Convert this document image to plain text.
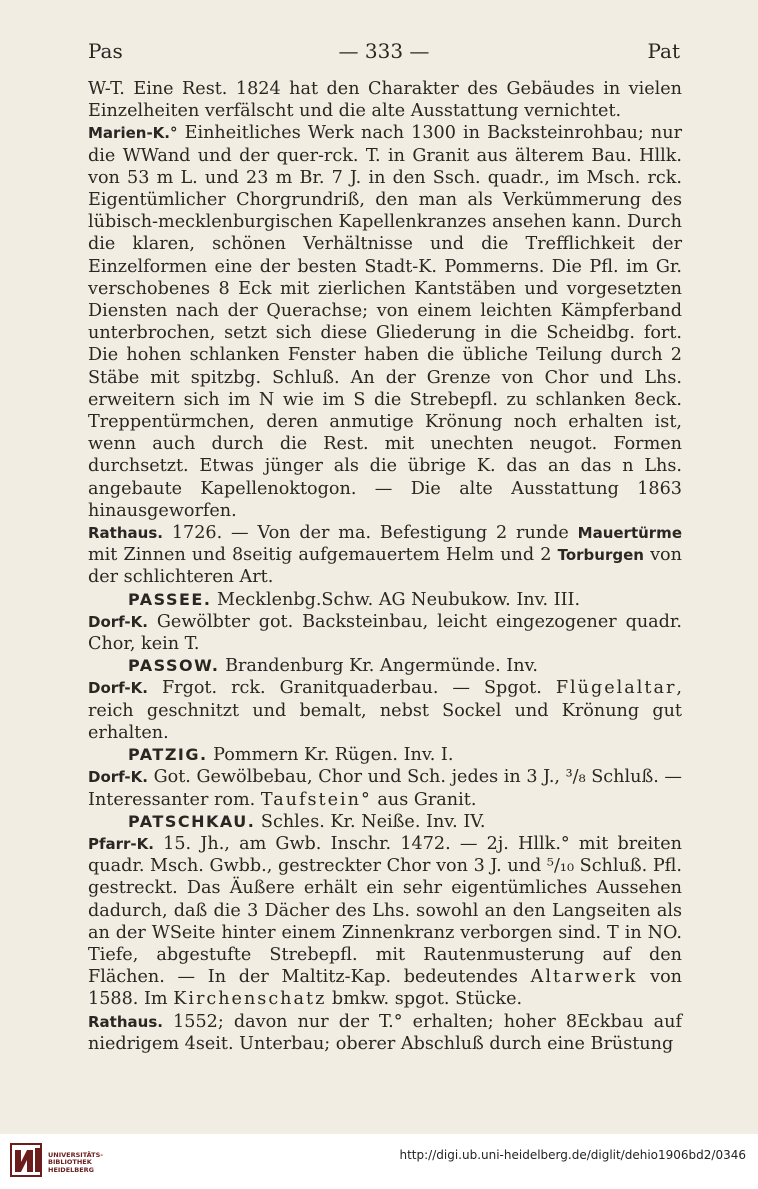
Pas	— 333 —	Pat

W-T. Eine Rest. 1824 hat den Charakter des Gebäudes in vielen Einzelheiten verfälscht und die alte Ausstattung vernichtet.

Marien-K.° Einheitliches Werk nach 1300 in Backsteinrohbau; nur die WWand und der quer-rck. T. in Granit aus älterem Bau. Hllk. von 53 m L. und 23 m Br. 7 J. in den Ssch. quadr., im Msch. rck. Eigentümlicher Chorgrundriß, den man als Verkümmerung des lübisch-mecklenburgischen Kapellenkranzes ansehen kann. Durch die klaren, schönen Verhältnisse und die Trefflichkeit der Einzelformen eine der besten Stadt-K. Pommerns. Die Pfl. im Gr. verschobenes 8 Eck mit zierlichen Kantstäben und vorgesetzten Diensten nach der Querachse; von einem leichten Kämpferband unterbrochen, setzt sich diese Gliederung in die Scheidbg. fort. Die hohen schlanken Fenster haben die übliche Teilung durch 2 Stäbe mit spitzbg. Schluß. An der Grenze von Chor und Lhs. erweitern sich im N wie im S die Strebepfl. zu schlanken 8eck. Treppentürmchen, deren anmutige Krönung noch erhalten ist, wenn auch durch die Rest. mit unechten neugot. Formen durchsetzt. Etwas jünger als die übrige K. das an das n Lhs. angebaute Kapellenoktogon. — Die alte Ausstattung 1863 hinausgeworfen.

Rathaus. 1726. — Von der ma. Befestigung 2 runde Mauertürme mit Zinnen und 8seitig aufgemauertem Helm und 2 Torburgen von der schlichteren Art.

PASSEE. Mecklenbg.Schw. AG Neubukow. Inv. III.

Dorf-K. Gewölbter got. Backsteinbau, leicht eingezogener quadr. Chor, kein T.

PASSOW. Brandenburg Kr. Angermünde. Inv.

Dorf-K. Frgot. rck. Granitquaderbau. — Spgot. Flügelaltar, reich geschnitzt und bemalt, nebst Sockel und Krönung gut erhalten.

PATZIG. Pommern Kr. Rügen. Inv. I.

Dorf-K. Got. Gewölbebau, Chor und Sch. jedes in 3 J., ³/₈ Schluß. — Interessanter rom. Taufstein° aus Granit.

PATSCHKAU. Schles. Kr. Neiße. Inv. IV.

Pfarr-K. 15. Jh., am Gwb. Inschr. 1472. — 2j. Hllk.° mit breiten quadr. Msch. Gwbb., gestreckter Chor von 3 J. und ⁵/₁₀ Schluß. Pfl. gestreckt. Das Äußere erhält ein sehr eigentümliches Aussehen dadurch, daß die 3 Dächer des Lhs. sowohl an den Langseiten als an der WSeite hinter einem Zinnenkranz verborgen sind. T in NO. Tiefe, abgestufte Strebepfl. mit Rautenmusterung auf den Flächen. — In der Maltitz-Kap. bedeutendes Altarwerk von 1588. Im Kirchenschatz bmkw. spgot. Stücke.

Rathaus. 1552; davon nur der T.° erhalten; hoher 8Eckbau auf niedrigem 4seit. Unterbau; oberer Abschluß durch eine Brüstung

UNIVERSITÄTS-
BIBLIOTHEK
HEIDELBERG
http://digi.ub.uni-heidelberg.de/diglit/dehio1906bd2/0346
